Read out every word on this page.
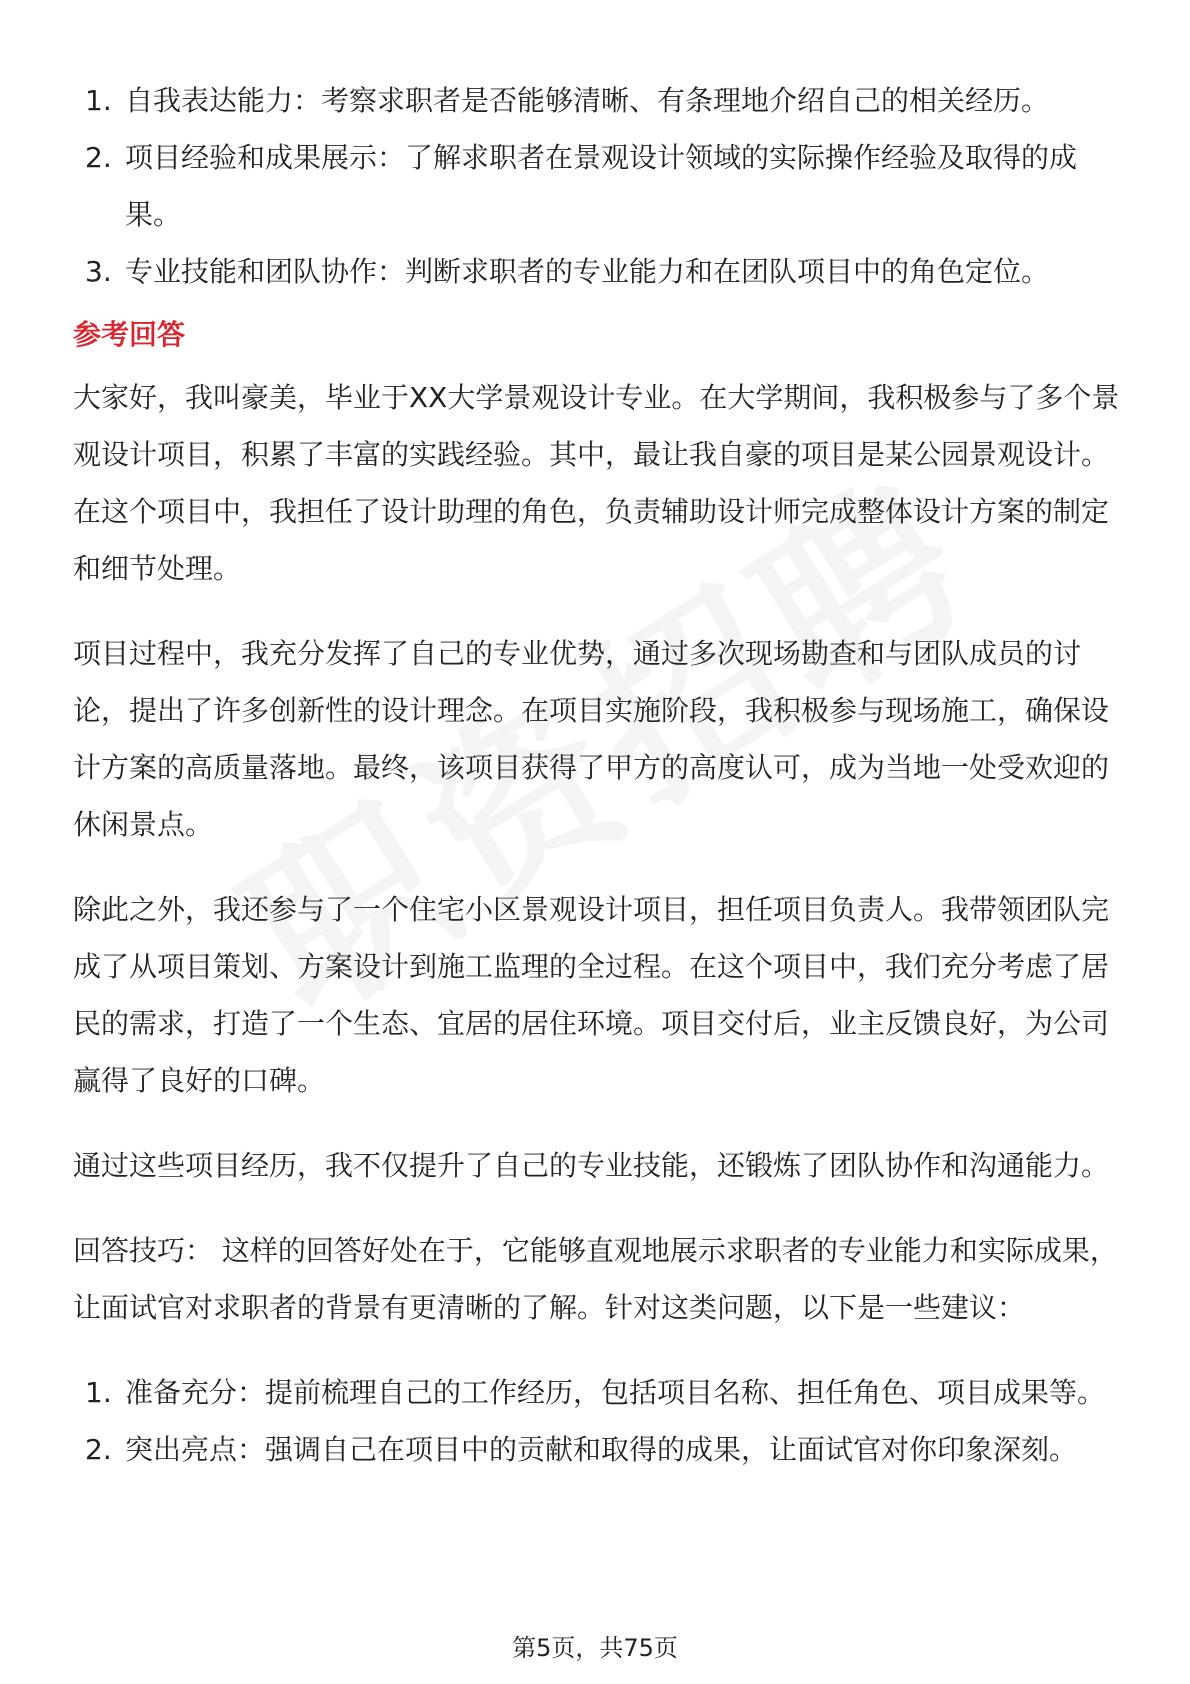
1. 自我表达能力：考察求职者是否能够清晰、有条理地介绍自己的相关经历。
2. 项目经验和成果展示：了解求职者在景观设计领域的实际操作经验及取得的成果。
3. 专业技能和团队协作：判断求职者的专业能力和在团队项目中的角色定位。
参考回答

大家好，我叫豪美，毕业于XX大学景观设计专业。在大学期间，我积极参与了多个景观设计项目，积累了丰富的实践经验。其中，最让我自豪的项目是某公园景观设计。在这个项目中，我担任了设计助理的角色，负责辅助设计师完成整体设计方案的制定和细节处理。

项目过程中，我充分发挥了自己的专业优势，通过多次现场勘查和与团队成员的讨论，提出了许多创新性的设计理念。在项目实施阶段，我积极参与现场施工，确保设计方案的高质量落地。最终，该项目获得了甲方的高度认可，成为当地一处受欢迎的休闲景点。

除此之外，我还参与了一个住宅小区景观设计项目，担任项目负责人。我带领团队完成了从项目策划、方案设计到施工监理的全过程。在这个项目中，我们充分考虑了居民的需求，打造了一个生态、宜居的居住环境。项目交付后，业主反馈良好，为公司赢得了良好的口碑。

通过这些项目经历，我不仅提升了自己的专业技能，还锻炼了团队协作和沟通能力。

回答技巧： 这样的回答好处在于，它能够直观地展示求职者的专业能力和实际成果，让面试官对求职者的背景有更清晰的了解。针对这类问题，以下是一些建议：

1. 准备充分：提前梳理自己的工作经历，包括项目名称、担任角色、项目成果等。
2. 突出亮点：强调自己在项目中的贡献和取得的成果，让面试官对你印象深刻。
第5页，共75页
